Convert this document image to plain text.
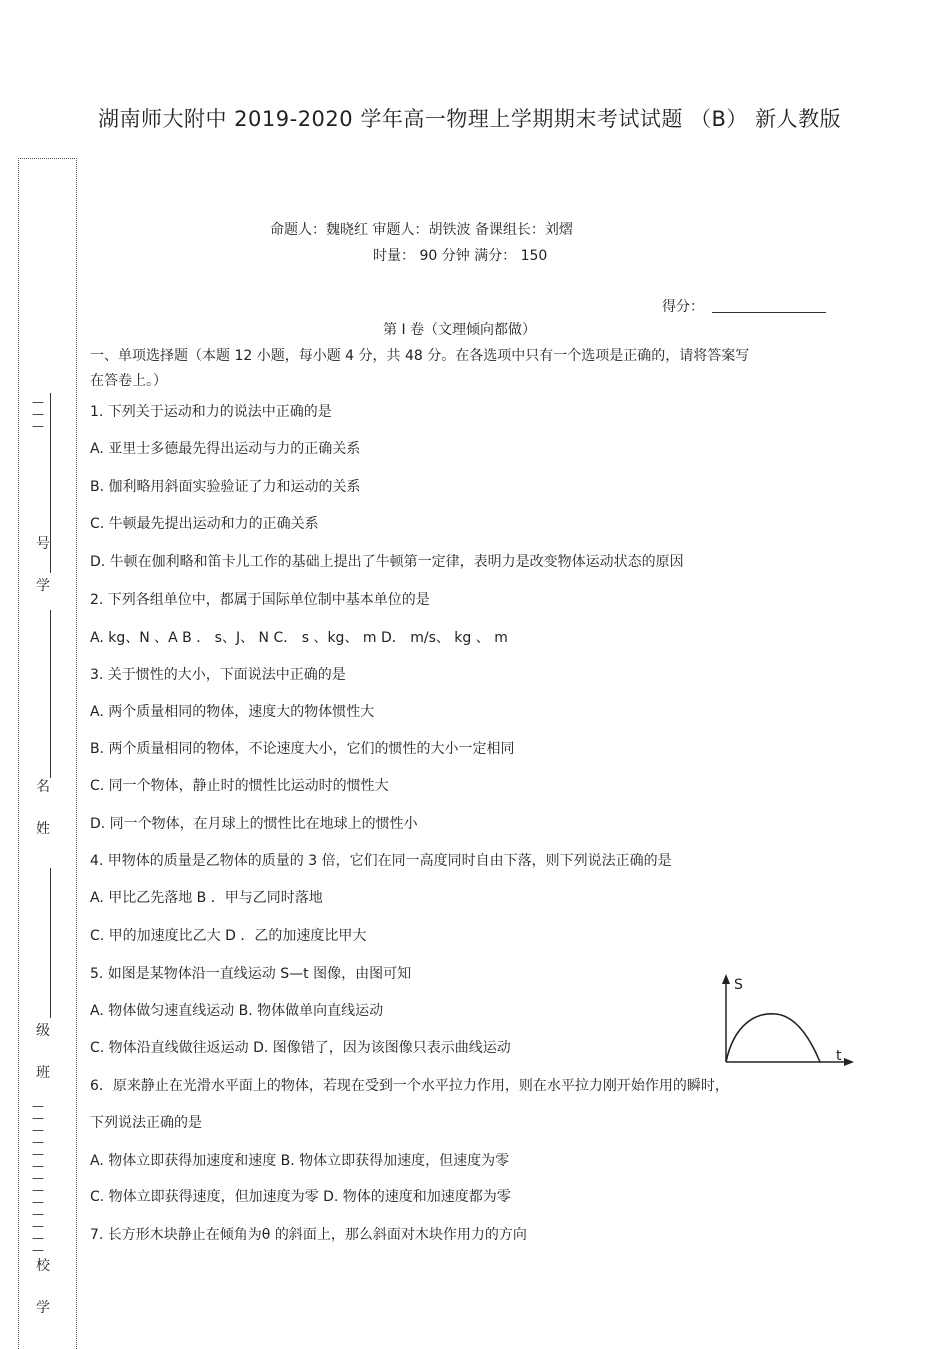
湖南师大附中 2019-2020 学年高一物理上学期期末考试试题 （B） 新人教版
—
—
—
号
学
名
姓
级
班
—
—
—
—
—
—
—
—
—
—
—
—
—
校
学
命题人：魏晓红 审题人：胡铁波 备课组长：刘熠
时量： 90 分钟 满分： 150
得分：
第 I 卷（文理倾向都做）
一、单项选择题（本题 12 小题，每小题 4 分，共 48 分。在各选项中只有一个选项是正确的，请将答案写
在答卷上。）
1. 下列关于运动和力的说法中正确的是
A. 亚里士多德最先得出运动与力的正确关系
B. 伽利略用斜面实验验证了力和运动的关系
C. 牛顿最先提出运动和力的正确关系
D. 牛顿在伽利略和笛卡儿工作的基础上提出了牛顿第一定律，表明力是改变物体运动状态的原因
2. 下列各组单位中，都属于国际单位制中基本单位的是
A. kg、N 、A B ． s、J、 N C． s 、kg、 m D． m/s、 kg 、 m
3. 关于惯性的大小，下面说法中正确的是
A. 两个质量相同的物体，速度大的物体惯性大
B. 两个质量相同的物体，不论速度大小，它们的惯性的大小一定相同
C. 同一个物体，静止时的惯性比运动时的惯性大
D. 同一个物体，在月球上的惯性比在地球上的惯性小
4. 甲物体的质量是乙物体的质量的 3 倍，它们在同一高度同时自由下落，则下列说法正确的是
A. 甲比乙先落地 B ．甲与乙同时落地
C. 甲的加速度比乙大 D ．乙的加速度比甲大
5. 如图是某物体沿一直线运动 S—t 图像，由图可知
A. 物体做匀速直线运动 B. 物体做单向直线运动
C. 物体沿直线做往返运动 D. 图像错了，因为该图像只表示曲线运动
6．原来静止在光滑水平面上的物体，若现在受到一个水平拉力作用，则在水平拉力刚开始作用的瞬时，
下列说法正确的是
A. 物体立即获得加速度和速度 B. 物体立即获得加速度，但速度为零
C. 物体立即获得速度，但加速度为零 D. 物体的速度和加速度都为零
7. 长方形木块静止在倾角为θ 的斜面上，那么斜面对木块作用力的方向
S
t
